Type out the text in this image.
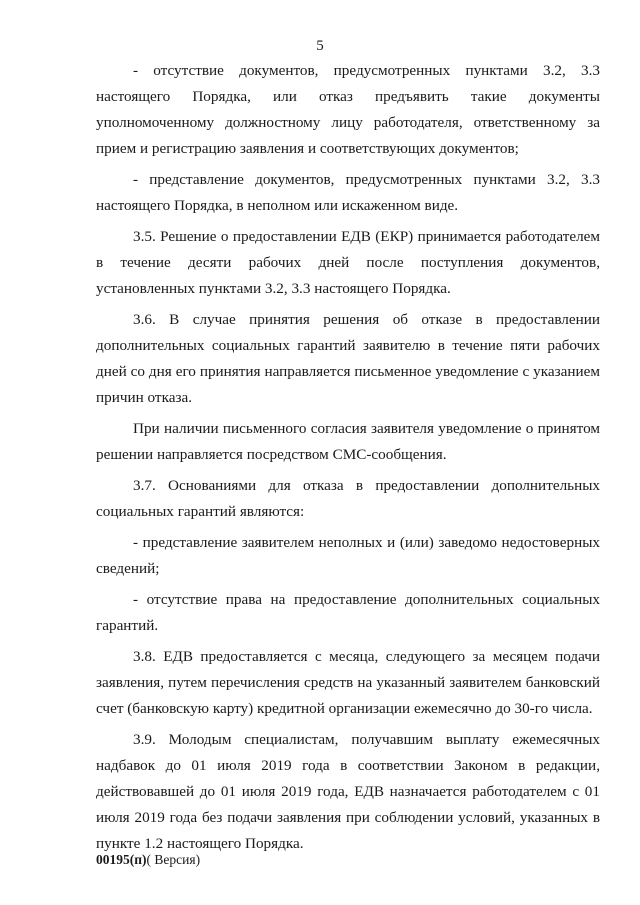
5

- отсутствие документов, предусмотренных пунктами 3.2, 3.3 настоящего Порядка, или отказ предъявить такие документы уполномоченному должностному лицу работодателя, ответственному за прием и регистрацию заявления и соответствующих документов;

- представление документов, предусмотренных пунктами 3.2, 3.3 настоящего Порядка, в неполном или искаженном виде.

3.5. Решение о предоставлении ЕДВ (ЕКР) принимается работодателем в течение десяти рабочих дней после поступления документов, установленных пунктами 3.2, 3.3 настоящего Порядка.

3.6. В случае принятия решения об отказе в предоставлении дополнительных социальных гарантий заявителю в течение пяти рабочих дней со дня его принятия направляется письменное уведомление с указанием причин отказа.

При наличии письменного согласия заявителя уведомление о принятом решении направляется посредством СМС-сообщения.

3.7. Основаниями для отказа в предоставлении дополнительных социальных гарантий являются:

- представление заявителем неполных и (или) заведомо недостоверных сведений;

- отсутствие права на предоставление дополнительных социальных гарантий.

3.8. ЕДВ предоставляется с месяца, следующего за месяцем подачи заявления, путем перечисления средств на указанный заявителем банковский счет (банковскую карту) кредитной организации ежемесячно до 30-го числа.

3.9. Молодым специалистам, получавшим выплату ежемесячных надбавок до 01 июля 2019 года в соответствии Законом в редакции, действовавшей до 01 июля 2019 года, ЕДВ назначается работодателем с 01 июля 2019 года без подачи заявления при соблюдении условий, указанных в пункте 1.2 настоящего Порядка.

00195(п)( Версия)
